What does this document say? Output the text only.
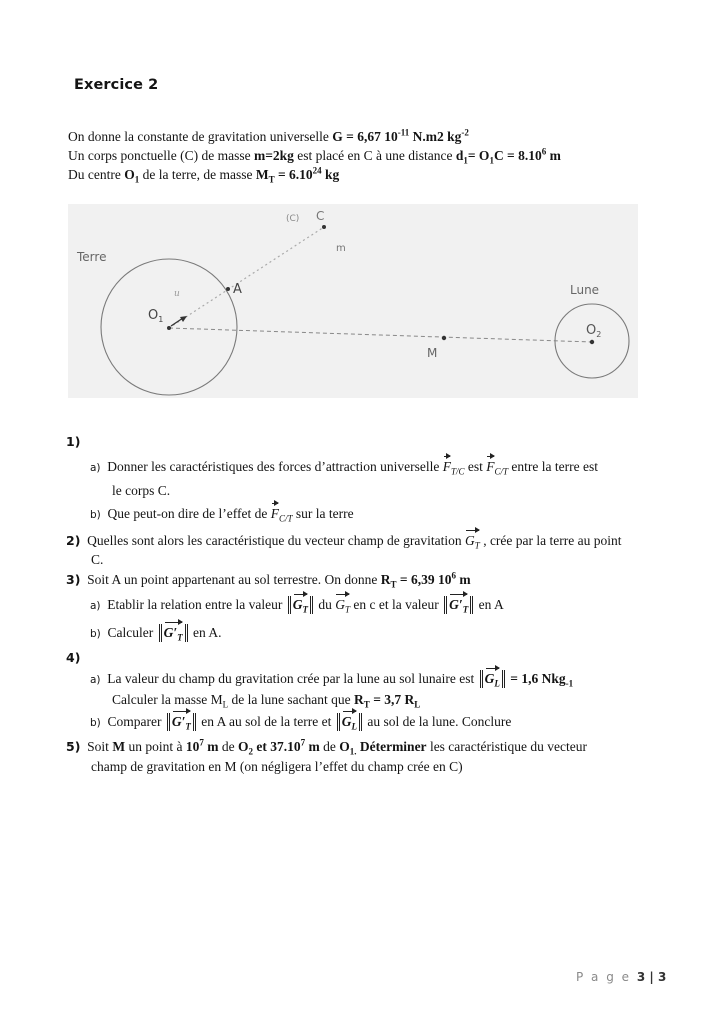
Exercice 2
On donne la constante de gravitation universelle G = 6,67 $10^{-11}$ N.m2 $kg^{-2}$
Un corps ponctuelle (C) de masse m=2kg est placé en C à une distance $d_1= O_1C = 8.10^6$ m
Du centre $O_1$ de la terre, de masse $M_T = 6.10^{24}$ kg
Terre
Lune
(C) C
m
A
u
$O_1$
$O_2$
M
1)
a) Donner les caractéristiques des forces d’attraction universelle $F_{T/C}$ est $F_{C/T}$ entre la terre est
le corps C.
b) Que peut-on dire de l’effet de $F_{C/T}$ sur la terre
2) Quelles sont alors les caractéristique du vecteur champ de gravitation $G_T$ , crée par la terre au point
C.
3) Soit A un point appartenant au sol terrestre. On donne $R_T = 6,39$ $10^6$ m
a) Etablir la relation entre la valeur $G_T$ du $G_T$ en c et la valeur $G'_T$ en A
b) Calculer $G'_T$ en A.
4)
a) La valeur du champ du gravitation crée par la lune au sol lunaire est $G_L = 1,6$ Nkg$_{-1}$
Calculer la masse $M_L$ de la lune sachant que $R_T = 3,7$ $R_L$
b) Comparer $G'_T$ en A au sol de la terre et $G_L$ au sol de la lune. Conclure
5) Soit M un point à $10^7$ m de $O_2$ et 37.10$^7$ m de $O_{1.}$ Déterminer les caractéristique du vecteur
champ de gravitation en M (on négligera l’effet du champ crée en C)
P a g e 3 | 3
